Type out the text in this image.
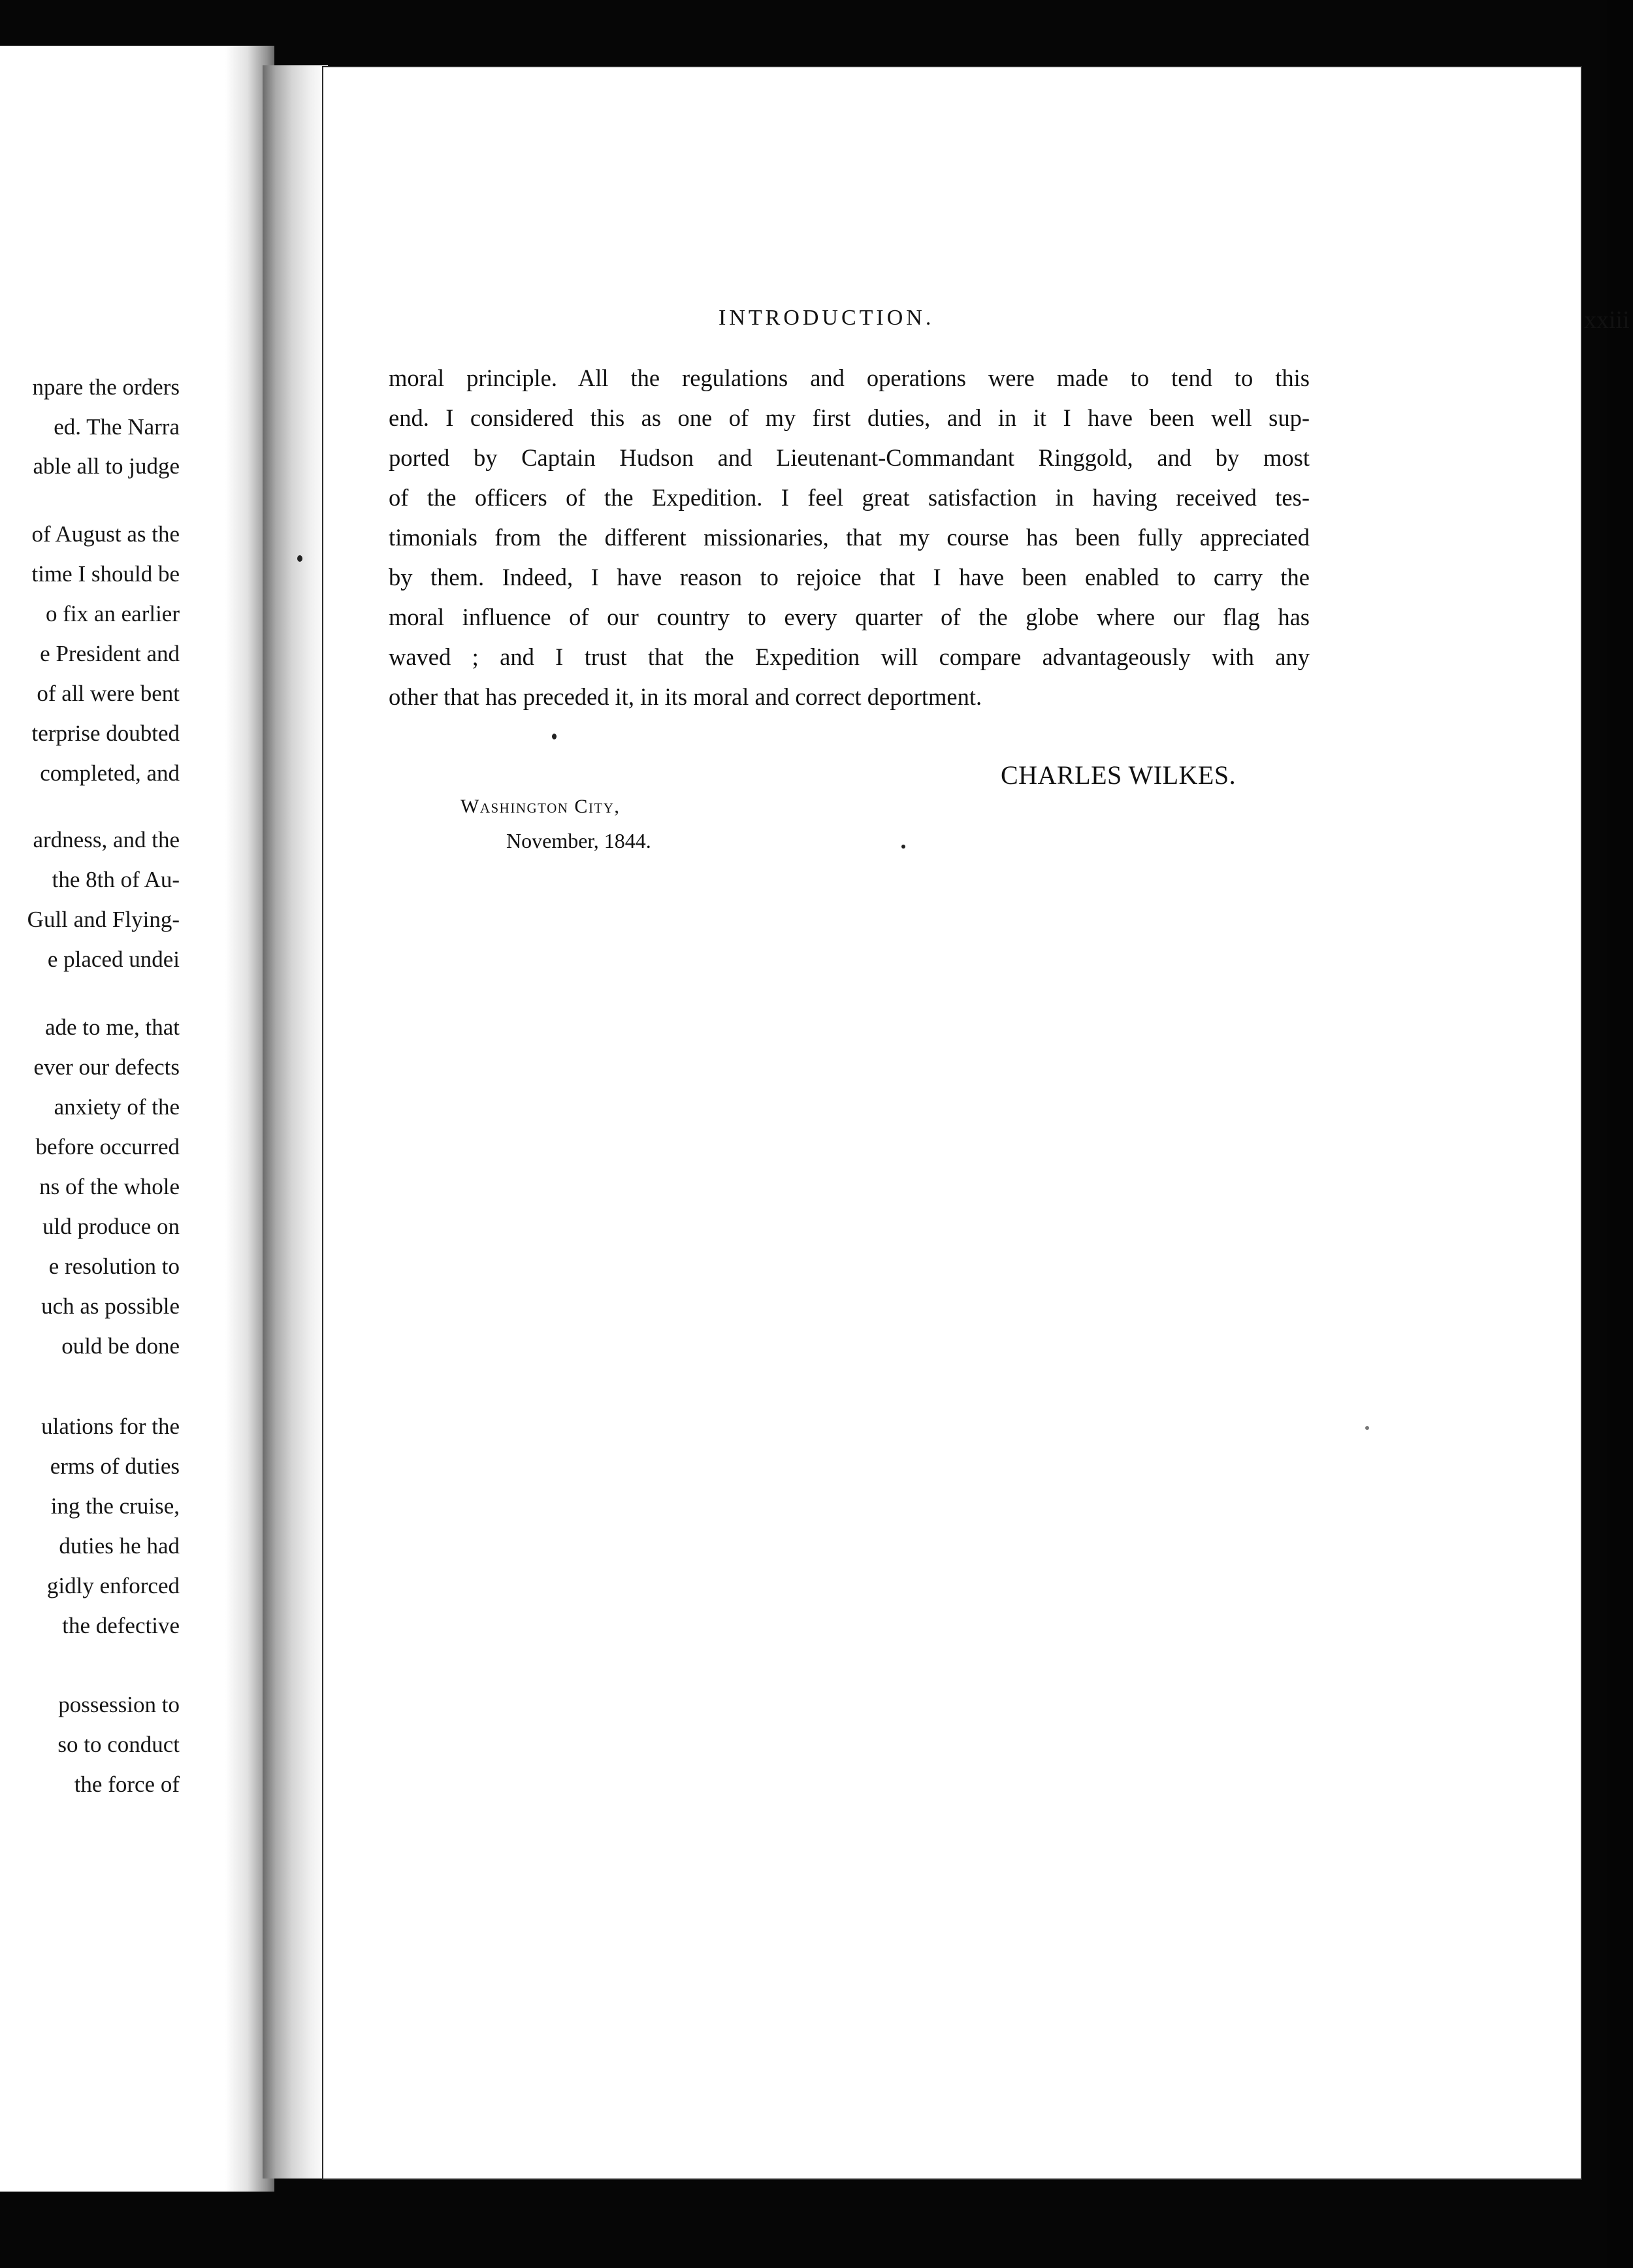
npare the orders
ed. The Narra
able all to judge
of August as the
time I should be
o fix an earlier
e President and
of all were bent
terprise doubted
completed, and
ardness, and the
the 8th of Au-
Gull and Flying-
e placed undei
ade to me, that
ever our defects
anxiety of the
before occurred
ns of the whole
uld produce on
e resolution to
uch as possible
ould be done
ulations for the
erms of duties
ing the cruise,
duties he had
gidly enforced
the defective
possession to
so to conduct
the force of
INTRODUCTION.	xxiii
moral principle. All the regulations and operations were made to tend to this
end. I considered this as one of my first duties, and in it I have been well sup-
ported by Captain Hudson and Lieutenant-Commandant Ringgold, and by most
of the officers of the Expedition. I feel great satisfaction in having received tes-
timonials from the different missionaries, that my course has been fully appreciated
by them. Indeed, I have reason to rejoice that I have been enabled to carry the
moral influence of our country to every quarter of the globe where our flag has
waved ; and I trust that the Expedition will compare advantageously with any
other that has preceded it, in its moral and correct deportment.
CHARLES WILKES.
Washington City,
November, 1844.
